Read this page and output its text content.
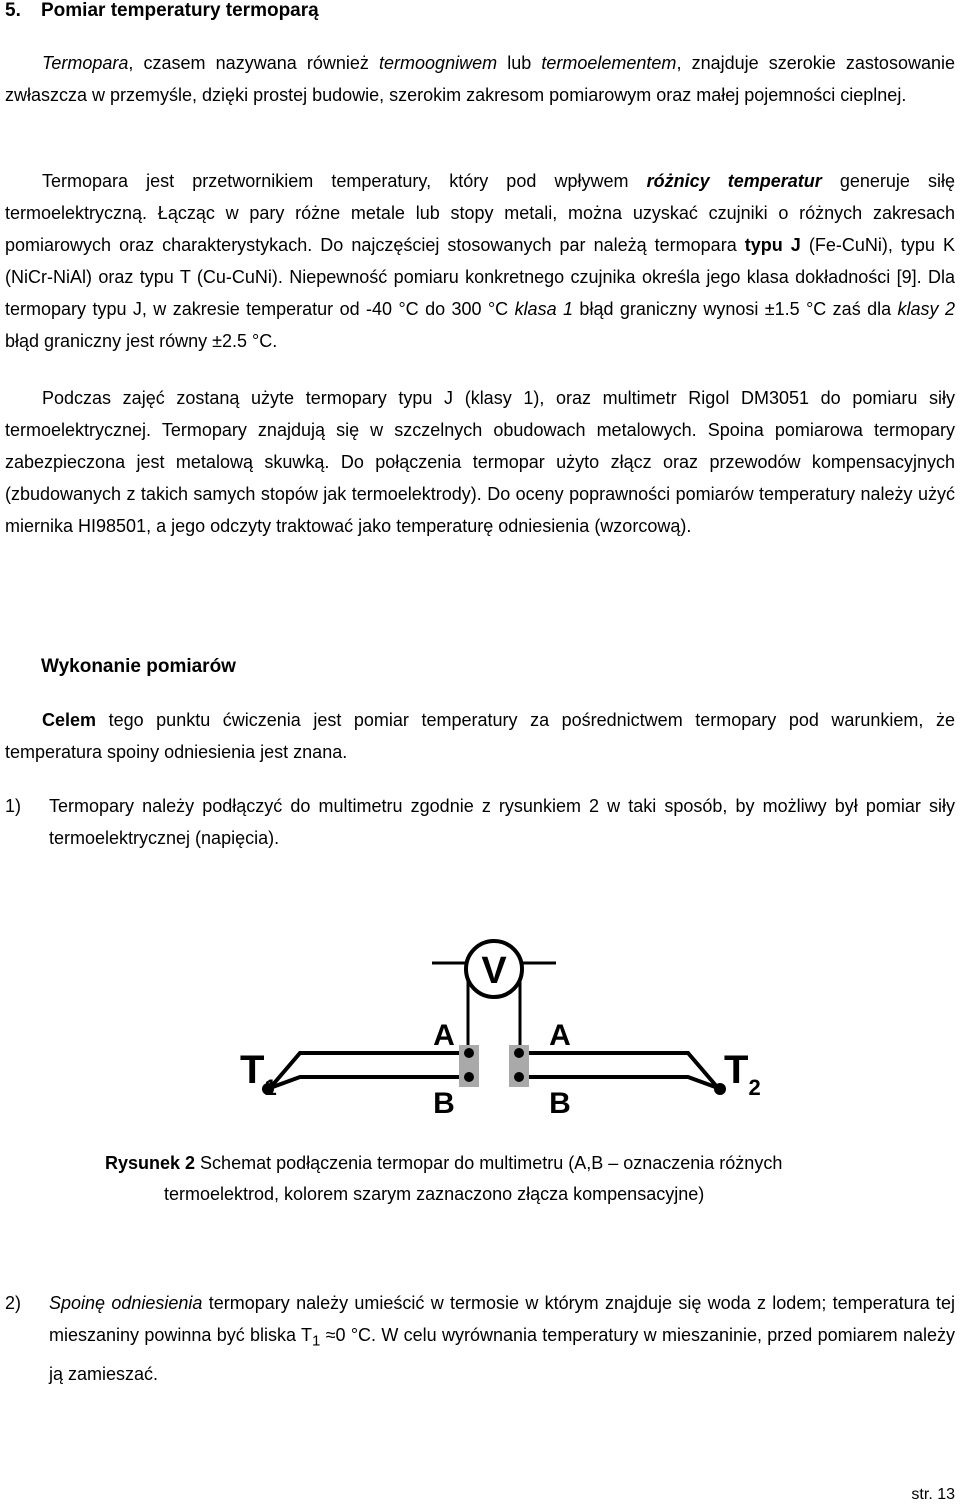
5. Pomiar temperatury termoparą

Termopara, czasem nazywana również termoogniwem lub termoelementem, znajduje szerokie zastosowanie zwłaszcza w przemyśle, dzięki prostej budowie, szerokim zakresom pomiarowym oraz małej pojemności cieplnej.

Termopara jest przetwornikiem temperatury, który pod wpływem różnicy temperatur generuje siłę termoelektryczną. Łącząc w pary różne metale lub stopy metali, można uzyskać czujniki o różnych zakresach pomiarowych oraz charakterystykach. Do najczęściej stosowanych par należą termopara typu J (Fe-CuNi), typu K (NiCr-NiAl) oraz typu T (Cu-CuNi). Niepewność pomiaru konkretnego czujnika określa jego klasa dokładności [9]. Dla termopary typu J, w zakresie temperatur od -40 °C do 300 °C klasa 1 błąd graniczny wynosi ±1.5 °C zaś dla klasy 2 błąd graniczny jest równy ±2.5 °C.

Podczas zajęć zostaną użyte termopary typu J (klasy 1), oraz multimetr Rigol DM3051 do pomiaru siły termoelektrycznej. Termopary znajdują się w szczelnych obudowach metalowych. Spoina pomiarowa termopary zabezpieczona jest metalową skuwką. Do połączenia termopar użyto złącz oraz przewodów kompensacyjnych (zbudowanych z takich samych stopów jak termoelektrody). Do oceny poprawności pomiarów temperatury należy użyć miernika HI98501, a jego odczyty traktować jako temperaturę odniesienia (wzorcową).

Wykonanie pomiarów

Celem tego punktu ćwiczenia jest pomiar temperatury za pośrednictwem termopary pod warunkiem, że temperatura spoiny odniesienia jest znana.

1) Termopary należy podłączyć do multimetru zgodnie z rysunkiem 2 w taki sposób, by możliwy był pomiar siły termoelektrycznej (napięcia).
V
A	A
B	B
$T_1$	$T_2$
Rysunek 2 Schemat podłączenia termopar do multimetru (A,B – oznaczenia różnych
termoelektrod, kolorem szarym zaznaczono złącza kompensacyjne)
2) Spoinę odniesienia termopary należy umieścić w termosie w którym znajduje się woda z lodem; temperatura tej mieszaniny powinna być bliska $T_1 \approx 0$ °C. W celu wyrównania temperatury w mieszaninie, przed pomiarem należy ją zamieszać.
str. 13
